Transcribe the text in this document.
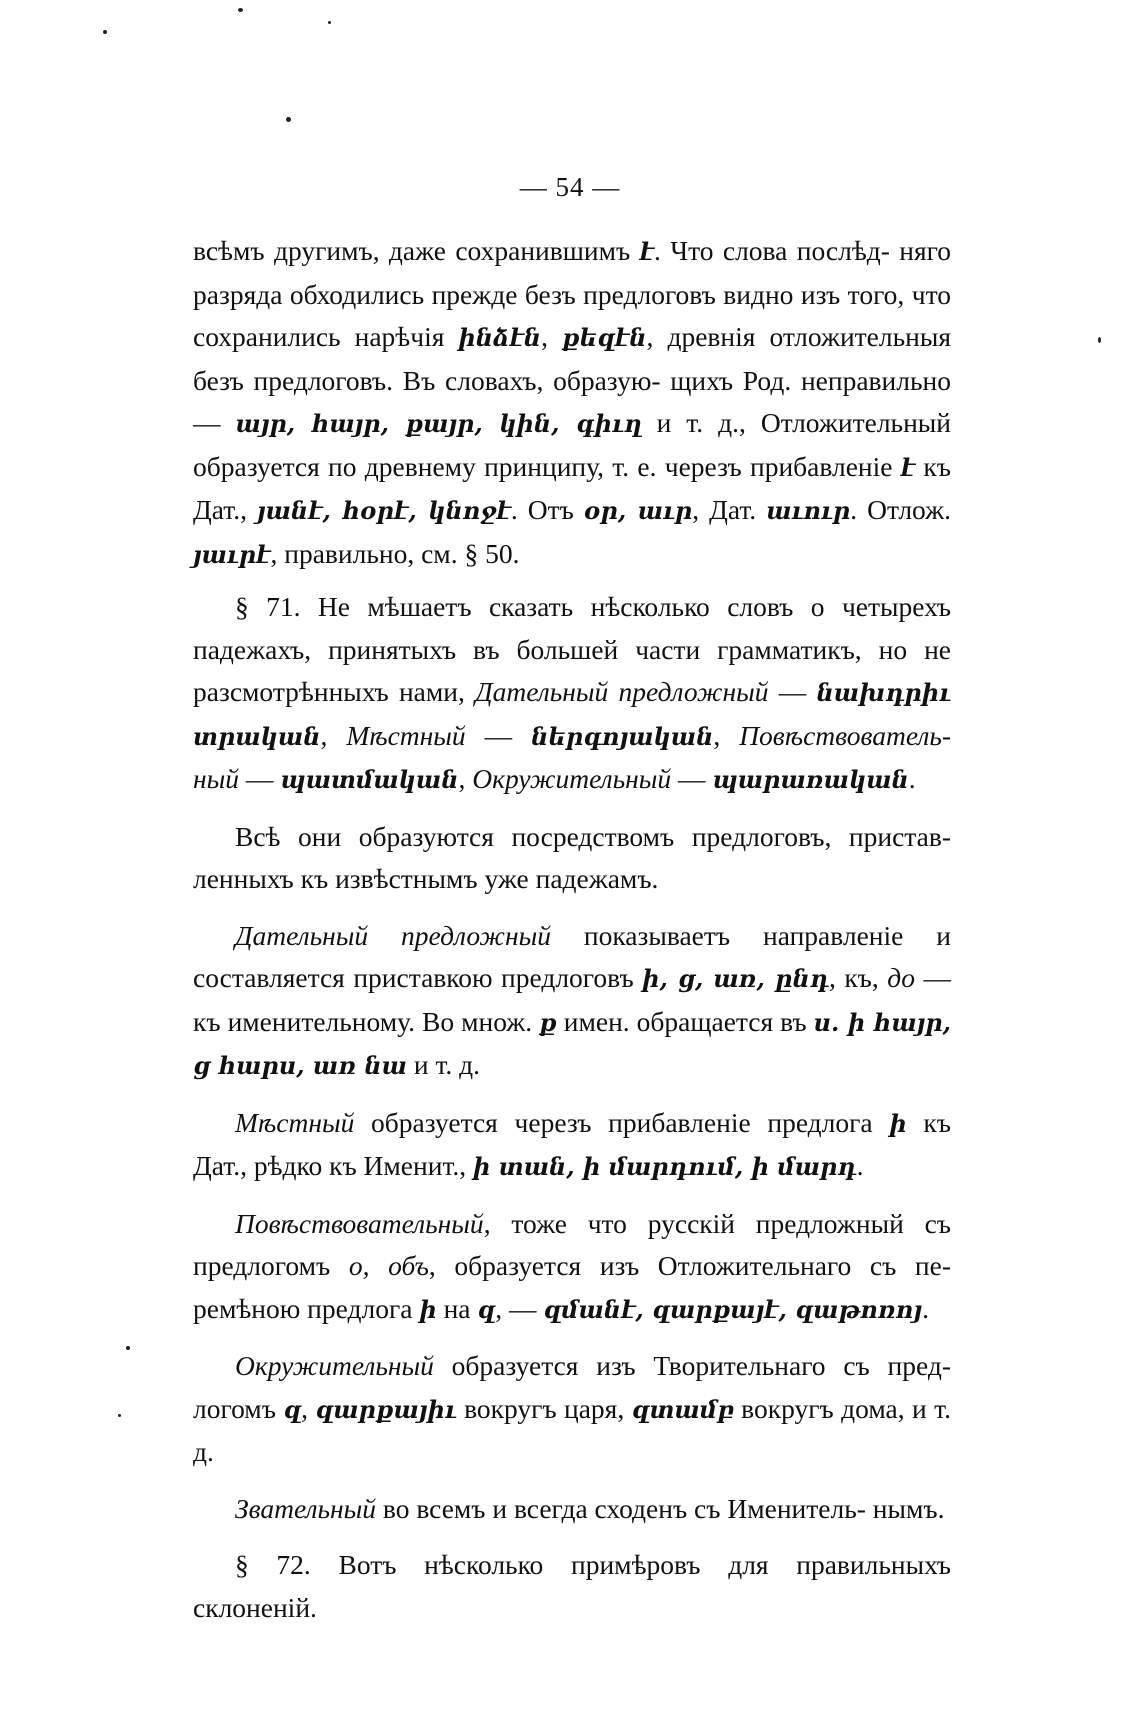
— 54 —

всѣмъ другимъ, даже сохранившимъ է. Что слова послѣд- няго разряда обходились прежде безъ предлоговъ видно изъ того, что сохранились нарѣчія ինձէն, քեզէն, древнія отложительныя безъ предлоговъ. Въ словахъ, образую- щихъ Род. неправильно — այր, հայր, քայր, կին, գիւղ и т. д., Отложительный образуется по древнему принципу, т. е. черезъ прибавленіе է къ Дат., յանէ, հօրէ, կնոջէ. Отъ օր, աւր, Дат. աւուր. Отлож. յաւրէ, правильно, см. § 50.

§ 71. Не мѣшаетъ сказать нѣсколько словъ о четырехъ падежахъ, принятыхъ въ большей части грамматикъ, но не разсмотрѣнныхъ нами, Дательный предложный — նախդրիւ տրական, Мѣстный — ներգոյական, Повѣствователь- ный — պատմական, Окружительный — պարառական.

Всѣ они образуются посредствомъ предлоговъ, пристав- ленныхъ къ извѣстнымъ уже падежамъ.

Дательный предложный показываетъ направленіе и составляется приставкою предлоговъ ի, ց, առ, ընդ, къ, до — къ именительному. Во множ. ք имен. обращается въ ս. ի հայր, ց հարս, առ նա и т. д.

Мѣстный образуется черезъ прибавленіе предлога ի къ Дат., рѣдко къ Именит., ի տան, ի մարդում, ի մարդ.

Повѣствовательный, тоже что русскій предложный съ предлогомъ о, объ, образуется изъ Отложительнаго съ пе- ремѣною предлога ի на զ, — զմանէ, զարքայէ, զաթոռոյ.

Окружительный образуется изъ Творительнаго съ пред- логомъ զ, զարքայիւ вокругъ царя, զտամբ вокругъ дома, и т. д.

Звательный во всемъ и всегда сходенъ съ Именитель- нымъ.

§ 72. Вотъ нѣсколько примѣровъ для правильныхъ склоненій.
